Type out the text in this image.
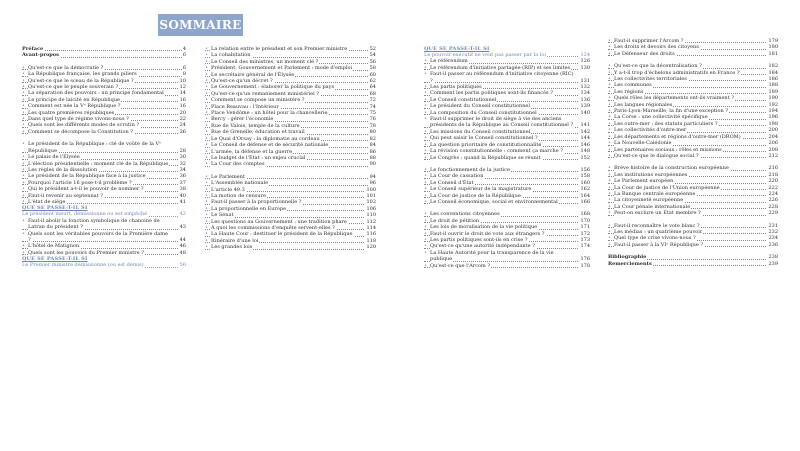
SOMMAIRE
Préface	4
Avant-propos	6
• Qu'est-ce que la démocratie ?	6
• La République française, les grands piliers	8
• Qu'est-ce que le sceau de la République ?	10
• Qu'est-ce que le peuple souverain ?	12
• La séparation des pouvoirs : un principe fondamental	14
• Le principe de laïcité en République	16
• Comment est née la Vᵉ République ?	16
• Les quatre premières républiques	20
• Dans quel type de régime vivons-nous ?	22
• Quels sont les différents modes de scrutin ?	24
• Comment se décompose la Constitution ?	26
• Le président de la République : clé de voûte de la Vᵉ République	28
• Le palais de l'Élysée	30
• L'élection présidentielle : moment clé de la République	32
• Les règles de la dissolution	34
• Le président de la République face à la justice	36
• Pourquoi l'article 16 pose-t-il problème ?	37
• Qui le président a-t-il le pouvoir de nommer ?	38
• Faut-il revenir au septennat ?	40
• L'état de siège	41
QUE SE PASSE-T-IL SI
Le président meurt, démissionne ou est empêché	42
• Faut-il abolir la fonction symbolique de chanoine de Latran du président ?	43
• Quels sont les véritables pouvoirs de la Première dame ?	44
• L'hôtel de Matignon	46
• Quels sont les pouvoirs du Premier ministre ?	48
QUE SE PASSE-T-IL SI
Le Premier ministre démissionne (ou est démis)	50
• La relation entre le président et son Premier ministre	52
• La cohabitation	54
• Le Conseil des ministres, un moment clé ?	56
• Président, Gouvernement et Parlement : mode d'emploi	58
• Le secrétaire général de l'Élysée	60
• Qu'est-ce qu'un décret ?	62
• Le Gouvernement : élaborer la politique du pays	64
• Qu'est-ce qu'un remaniement ministériel ?	68
• Comment se compose un ministère ?	72
• Place Beauvau : l'Intérieur	74
• Place Vendôme : un hôtel pour la chancellerie	75
• Bercy : gérer l'économie	76
• Rue de Valois, temple de la culture	78
• Rue de Grenelle, éducation et travail	80
• Le Quai d'Orsay : la diplomatie au cordeau	82
• Le Conseil de défense et de sécurité nationale	84
• L'armée, la défense et la guerre	86
• Le budget de l'État : un enjeu crucial	88
• La Cour des comptes	90
• Le Parlement	94
• L'Assemblée nationale	96
• L'article 49.3	100
• La motion de censure	101
• Faut-il passer à la proportionnelle ?	102
• La proportionnelle en Europe	106
• Le Sénat	110
• Les questions au Gouvernement : une tradition phare	112
• À quoi les commissions d'enquête servent-elles ?	114
• La Haute Cour : destituer le président de la République	116
• Itinéraire d'une loi	118
• Les grandes lois	120
QUE SE PASSE-T-IL SI
Le pouvoir exécutif ne veut pas passer par la loi	124
• Le référendum	126
• Le référendum d'initiative partagée (RIP) et ses limites	130
• Faut-il passer au référendum d'initiative citoyenne (RIC) ?	131
• Les partis politiques	132
• Comment les partis politiques sont-ils financés ?	134
• Le Conseil constitutionnel	136
• Le président du Conseil constitutionnel	139
• La composition du Conseil constitutionnel	140
• Faut-il supprimer le droit de siège à vie des anciens présidents de la République au Conseil constitutionnel ?	141
• Les missions du Conseil constitutionnel	142
• Qui peut saisir le Conseil constitutionnel ?	144
• La question prioritaire de constitutionnalité	146
• La révision constitutionnelle : comment ça marche ?	148
• Le Congrès : quand la République se réunit	152
• Le fonctionnement de la justice	156
• La Cour de cassation	158
• Le Conseil d'État	160
• Le Conseil supérieur de la magistrature	162
• La Cour de justice de la République	164
• Le Conseil économique, social et environnemental	166
• Les conventions citoyennes	168
• Le droit de pétition	170
• Les lois de moralisation de la vie politique	171
• Faut-il ouvrir le droit de vote aux étrangers ?	172
• Les partis politiques sont-ils en crise ?	173
• Qu'est-ce qu'une autorité indépendante ?	174
• La Haute Autorité pour la transparence de la vie publique	176
• Qu'est-ce que l'Arcom ?	178
• Faut-il supprimer l'Arcom ?	179
• Les droits et devoirs des citoyens	180
• Le Défenseur des droits	181
• Qu'est-ce que la décentralisation ?	182
• Y a-t-il trop d'échelons administratifs en France ?	184
• Les collectivités territoriales	186
• Les communes	188
• Les régions	189
• Quels rôles les départements ont-ils vraiment ?	190
• Les langues régionales	192
• Paris-Lyon-Marseille, la fin d'une exception ?	194
• La Corse : une collectivité spécifique	196
• Les outre-mer : des statuts particuliers ?	198
• Les collectivités d'outre-mer	200
• Les départements et régions d'outre-mer (DROM)	204
• La Nouvelle-Calédonie	206
• Les partenaires sociaux : rôles et missions	208
• Qu'est-ce que le dialogue social ?	212
• Brève histoire de la construction européenne	216
• Les institutions européennes	218
• Le Parlement européen	220
• La Cour de justice de l'Union européenne	222
• La Banque centrale européenne	224
• La citoyenneté européenne	226
• La Cour pénale internationale	228
• Peut-on exclure un État membre ?	229
• Faut-il reconnaître le vote blanc ?	231
• Les médias : un quatrième pouvoir	232
• Quel type de crise vivons-nous ?	234
• Faut-il passer à la VIᵉ République ?	236
Bibliographie	238
Remerciements	239
